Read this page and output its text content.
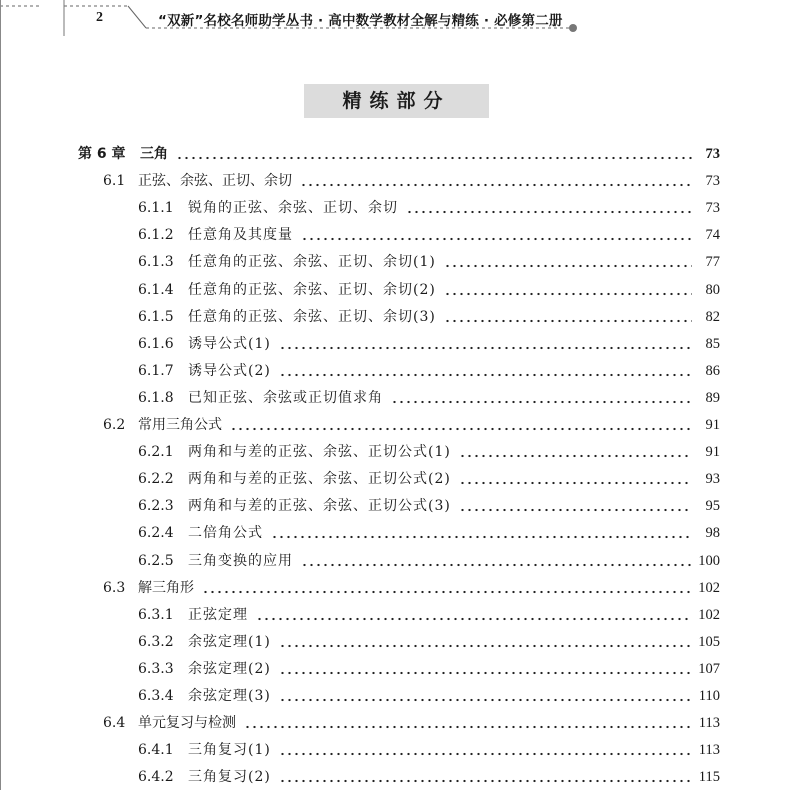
2	“双新”名校名师助学丛书 · 高中数学教材全解与精练 · 必修第二册
精练部分
第 6 章	三角	73
6.1 正弦、余弦、正切、余切	73
6.1.1	锐角的正弦、余弦、正切、余切	73
6.1.2	任意角及其度量	74
6.1.3	任意角的正弦、余弦、正切、余切(1)	77
6.1.4	任意角的正弦、余弦、正切、余切(2)	80
6.1.5	任意角的正弦、余弦、正切、余切(3)	82
6.1.6	诱导公式(1)	85
6.1.7	诱导公式(2)	86
6.1.8	已知正弦、余弦或正切值求角	89
6.2 常用三角公式	91
6.2.1	两角和与差的正弦、余弦、正切公式(1)	91
6.2.2	两角和与差的正弦、余弦、正切公式(2)	93
6.2.3	两角和与差的正弦、余弦、正切公式(3)	95
6.2.4	二倍角公式	98
6.2.5	三角变换的应用	100
6.3 解三角形	102
6.3.1	正弦定理	102
6.3.2	余弦定理(1)	105
6.3.3	余弦定理(2)	107
6.3.4	余弦定理(3)	110
6.4 单元复习与检测	113
6.4.1	三角复习(1)	113
6.4.2	三角复习(2)	115
